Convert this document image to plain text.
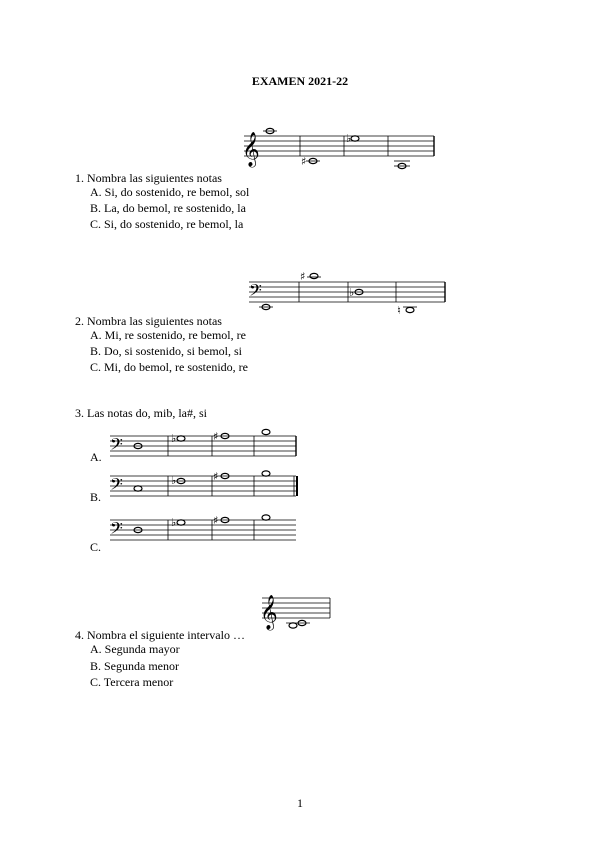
EXAMEN 2021-22
𝄞	♯
♭
1. Nombra las siguientes notas
A. Si, do sostenido, re bemol, sol
B. La, do bemol, re sostenido, la
C. Si, do sostenido, re bemol, la
𝄢
♯
♭
♮
2. Nombra las siguientes notas
A. Mi, re sostenido, re bemol, re
B. Do, si sostenido, si bemol, si
C. Mi, do bemol, re sostenido, re
3. Las notas do, mib, la#, si
A. 𝄢	♭	♯
B. 𝄢	♭	♯
C.
𝄢	♭	♯
𝄞
4. Nombra el siguiente intervalo …
A. Segunda mayor
B. Segunda menor
C. Tercera menor
1
